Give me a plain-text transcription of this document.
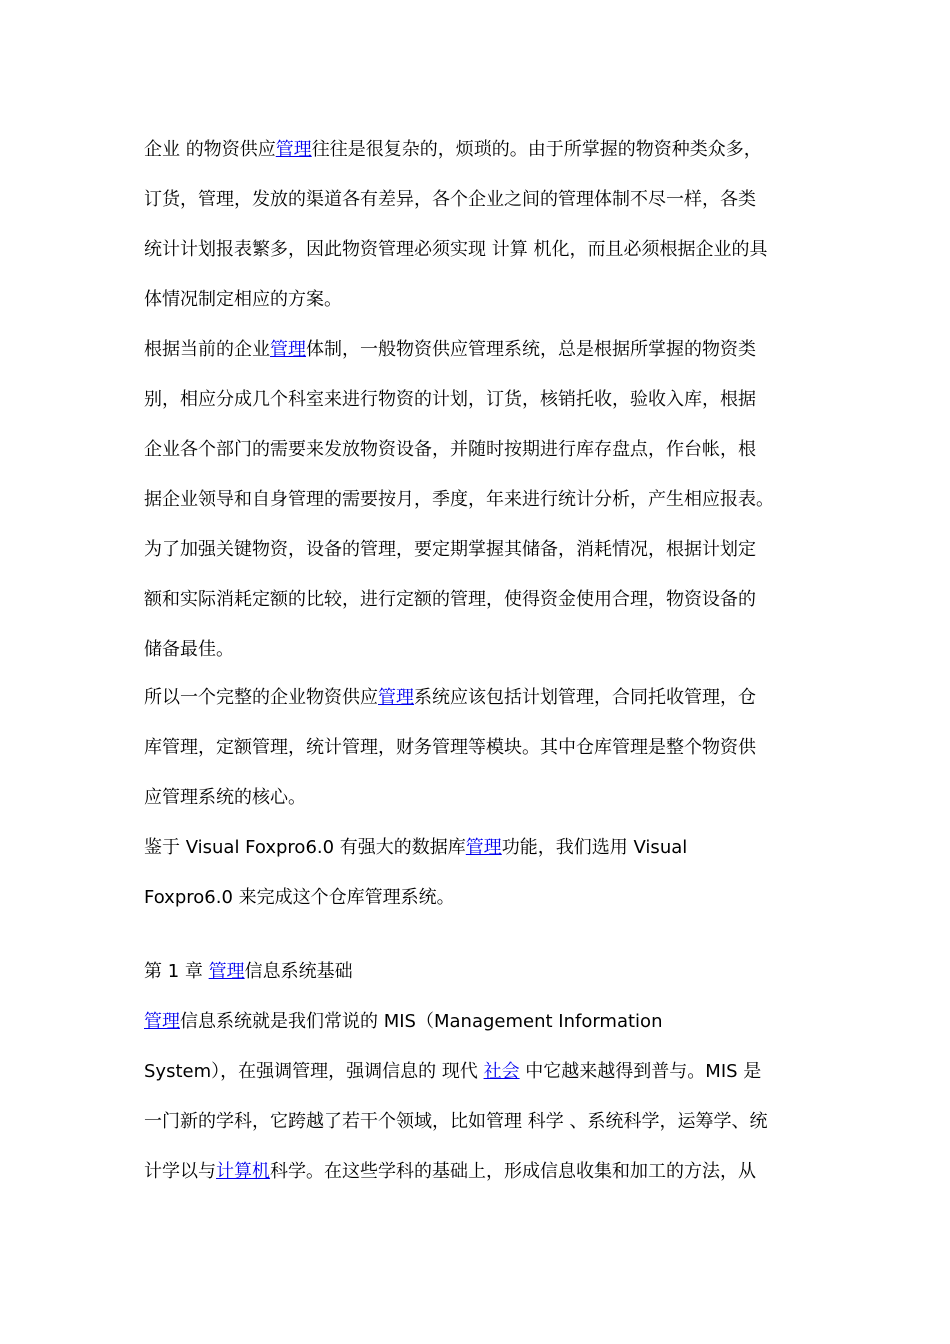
企业 的物资供应管理往往是很复杂的，烦琐的。由于所掌握的物资种类众多，
订货，管理，发放的渠道各有差异，各个企业之间的管理体制不尽一样，各类
统计计划报表繁多，因此物资管理必须实现 计算 机化，而且必须根据企业的具
体情况制定相应的方案。
根据当前的企业管理体制，一般物资供应管理系统，总是根据所掌握的物资类
别，相应分成几个科室来进行物资的计划，订货，核销托收，验收入库，根据
企业各个部门的需要来发放物资设备，并随时按期进行库存盘点，作台帐，根
据企业领导和自身管理的需要按月，季度，年来进行统计分析，产生相应报表。
为了加强关键物资，设备的管理，要定期掌握其储备，消耗情况，根据计划定
额和实际消耗定额的比较，进行定额的管理，使得资金使用合理，物资设备的
储备最佳。
所以一个完整的企业物资供应管理系统应该包括计划管理，合同托收管理，仓
库管理，定额管理，统计管理，财务管理等模块。其中仓库管理是整个物资供
应管理系统的核心。
鉴于 Visual Foxpro6.0 有强大的数据库管理功能，我们选用 Visual
Foxpro6.0 来完成这个仓库管理系统。
第 1 章 管理信息系统基础
管理信息系统就是我们常说的 MIS（Management Information
System），在强调管理，强调信息的 现代 社会 中它越来越得到普与。MIS 是
一门新的学科，它跨越了若干个领域，比如管理 科学 、系统科学，运筹学、统
计学以与计算机科学。在这些学科的基础上，形成信息收集和加工的方法，从
